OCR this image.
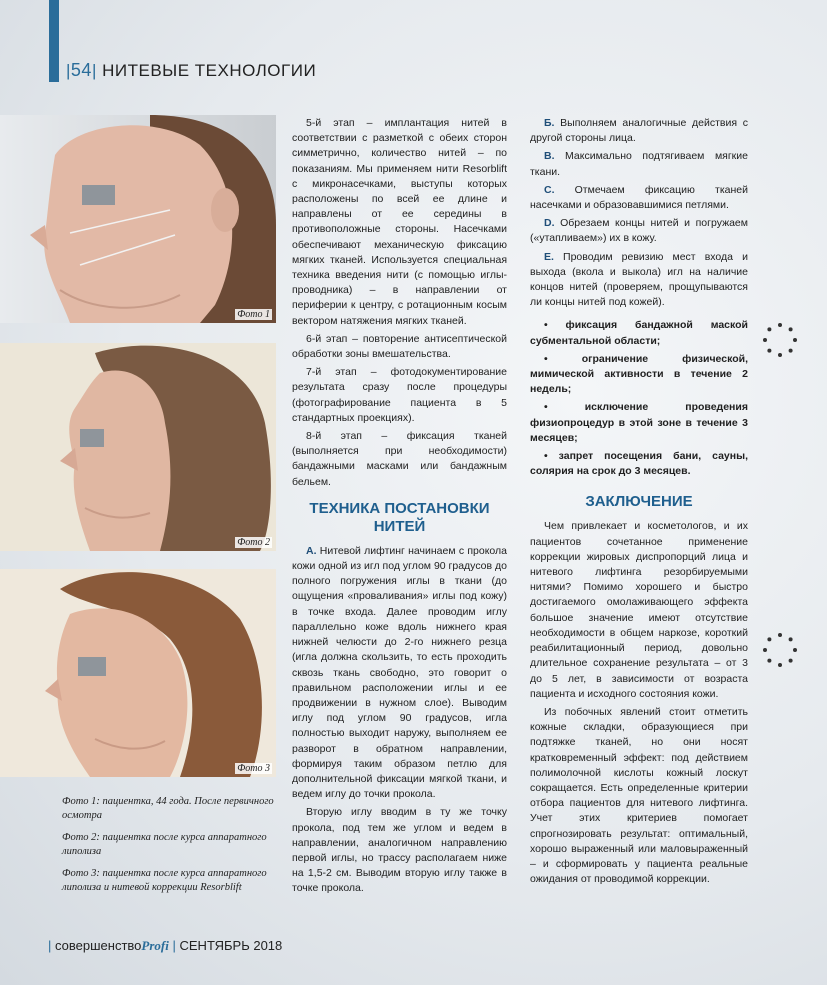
|54| НИТЕВЫЕ ТЕХНОЛОГИИ
Фото 1
Фото 2
Фото 3

Фото 1: пациентка, 44 года. После первичного осмотра

Фото 2: пациентка после курса аппаратного липолиза

Фото 3: пациентка после курса аппаратного липолиза и нитевой коррекции Resorblift

5-й этап – имплантация нитей в соответствии с разметкой с обеих сторон симметрично, количество нитей – по показаниям. Мы применяем нити Resorblift с микронасечками, выступы которых расположены по всей ее длине и направлены от ее середины в противоположные стороны. Насечками обеспечивают механическую фиксацию мягких тканей. Используется специальная техника введения нити (с помощью иглы-проводника) – в направлении от периферии к центру, с ротационным косым вектором натяжения мягких тканей.

6-й этап – повторение антисептической обработки зоны вмешательства.

7-й этап – фотодокументирование результата сразу после процедуры (фотографирование пациента в 5 стандартных проекциях).

8-й этап – фиксация тканей (выполняется при необходимости) бандажными масками или бандажным бельем.

ТЕХНИКА ПОСТАНОВКИ
НИТЕЙ

А. Нитевой лифтинг начинаем с прокола кожи одной из игл под углом 90 градусов до полного погружения иглы в ткани (до ощущения «проваливания» иглы под кожу) в точке входа. Далее проводим иглу параллельно коже вдоль нижнего края нижней челюсти до 2-го нижнего резца (игла должна скользить, то есть проходить сквозь ткань свободно, это говорит о правильном расположении иглы и ее продвижении в нужном слое). Выводим иглу под углом 90 градусов, игла полностью выходит наружу, выполняем ее разворот в обратном направлении, формируя таким образом петлю для дополнительной фиксации мягкой ткани, и ведем иглу до точки прокола.

Вторую иглу вводим в ту же точку прокола, под тем же углом и ведем в направлении, аналогичном направлению первой иглы, но трассу располагаем ниже на 1,5-2 см. Выводим вторую иглу также в точке прокола.

Б. Выполняем аналогичные действия с другой стороны лица.

В. Максимально подтягиваем мягкие ткани.

С. Отмечаем фиксацию тканей насечками и образовавшимися петлями.

D. Обрезаем концы нитей и погружаем («утапливаем») их в кожу.

Е. Проводим ревизию мест входа и выхода (вкола и выкола) игл на наличие концов нитей (проверяем, прощупываются ли концы нитей под кожей).

• фиксация бандажной маской субментальной области;

• ограничение физической, мимической активности в течение 2 недель;

• исключение проведения физиопроцедур в этой зоне в течение 3 месяцев;

• запрет посещения бани, сауны, солярия на срок до 3 месяцев.

ЗАКЛЮЧЕНИЕ

Чем привлекает и косметологов, и их пациентов сочетанное применение коррекции жировых диспропорций лица и нитевого лифтинга резорбируемыми нитями? Помимо хорошего и быстро достигаемого омолаживающего эффекта большое значение имеют отсутствие необходимости в общем наркозе, короткий реабилитационный период, довольно длительное сохранение результата – от 3 до 5 лет, в зависимости от возраста пациента и исходного состояния кожи.

Из побочных явлений стоит отметить кожные складки, образующиеся при подтяжке тканей, но они носят кратковременный эффект: под действием полимолочной кислоты кожный лоскут сокращается. Есть определенные критерии отбора пациентов для нитевого лифтинга. Учет этих критериев помогает спрогнозировать результат: оптимальный, хорошо выраженный или маловыраженный – и сформировать у пациента реальные ожидания от проводимой коррекции.

| совершенствоProfi | СЕНТЯБРЬ 2018
